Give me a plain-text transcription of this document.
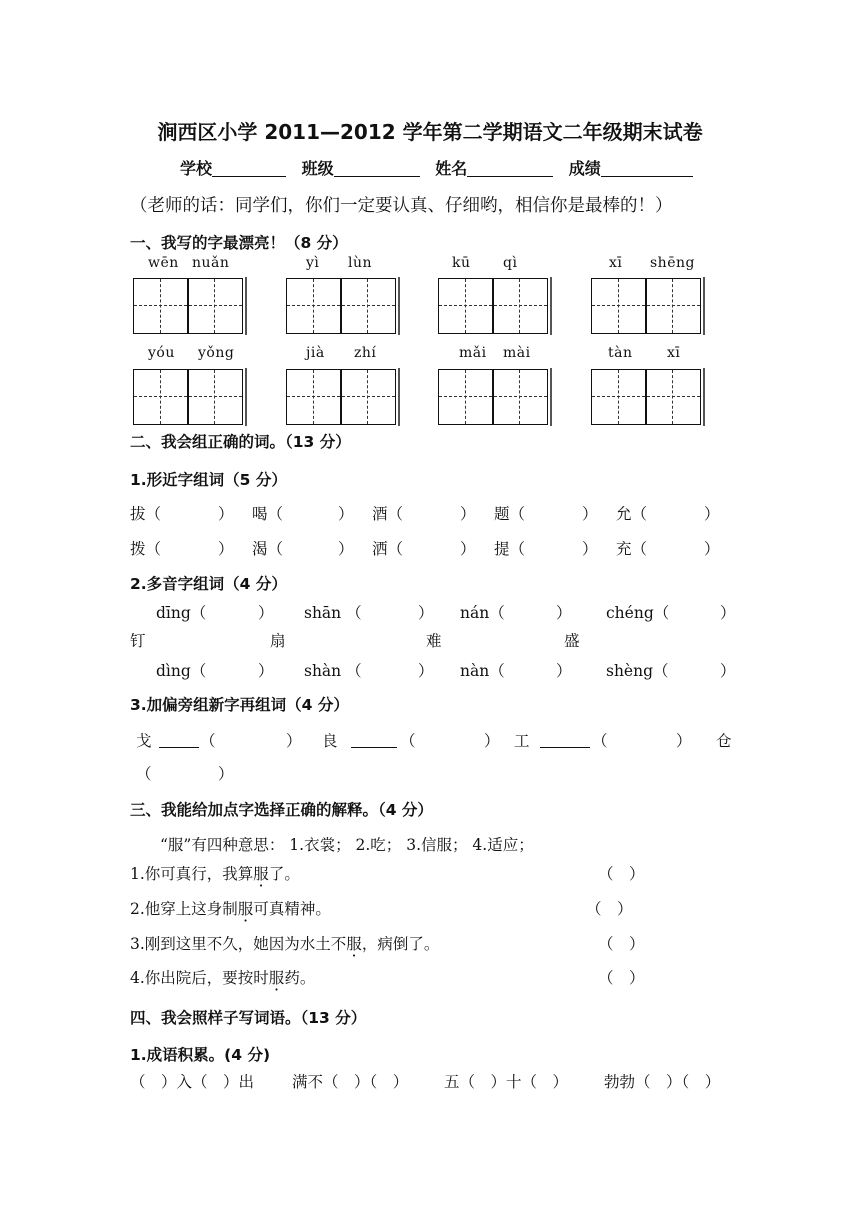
涧西区小学 2011—2012 学年第二学期语文二年级期末试卷
学校	班级	姓名	成绩
（老师的话：同学们，你们一定要认真、仔细哟，相信你是最棒的！）
一、我写的字最漂亮！（8 分）
wēn nuǎn	yì lùn	kū qì	xī shēng
yóu yǒng	jià zhí	mǎi mài	tàn xī
二、我会组正确的词。（13 分）
1.形近字组词（5 分）
拔（	） 喝（	） 酒（	） 题（	） 允（	）
拨（	） 渴（	） 洒（	） 提（	） 充（	）
2.多音字组词（4 分）
dīng（	） shān （	） nán（	） chéng（	）
钉	扇	难	盛
dìng（	） shàn （	） nàn（	） shèng（	）
3.加偏旁组新字再组词（4 分）
戈	（	） 良	（	） 工	（	） 仓
（	）
三、我能给加点字选择正确的解释。（4 分）
“服”有四种意思： 1.衣裳； 2.吃； 3.信服； 4.适应；
1.你可真行，我算服了。	（　）
2.他穿上这身制服可真精神。	（　）
3.刚到这里不久，她因为水土不服，病倒了。	（　）
4.你出院后，要按时服药。	（　）
四、我会照样子写词语。（13 分）
1.成语积累。(4 分)
（　）入（　）出 满不（　）（　） 五（　）十（　） 勃勃（　）（　）
